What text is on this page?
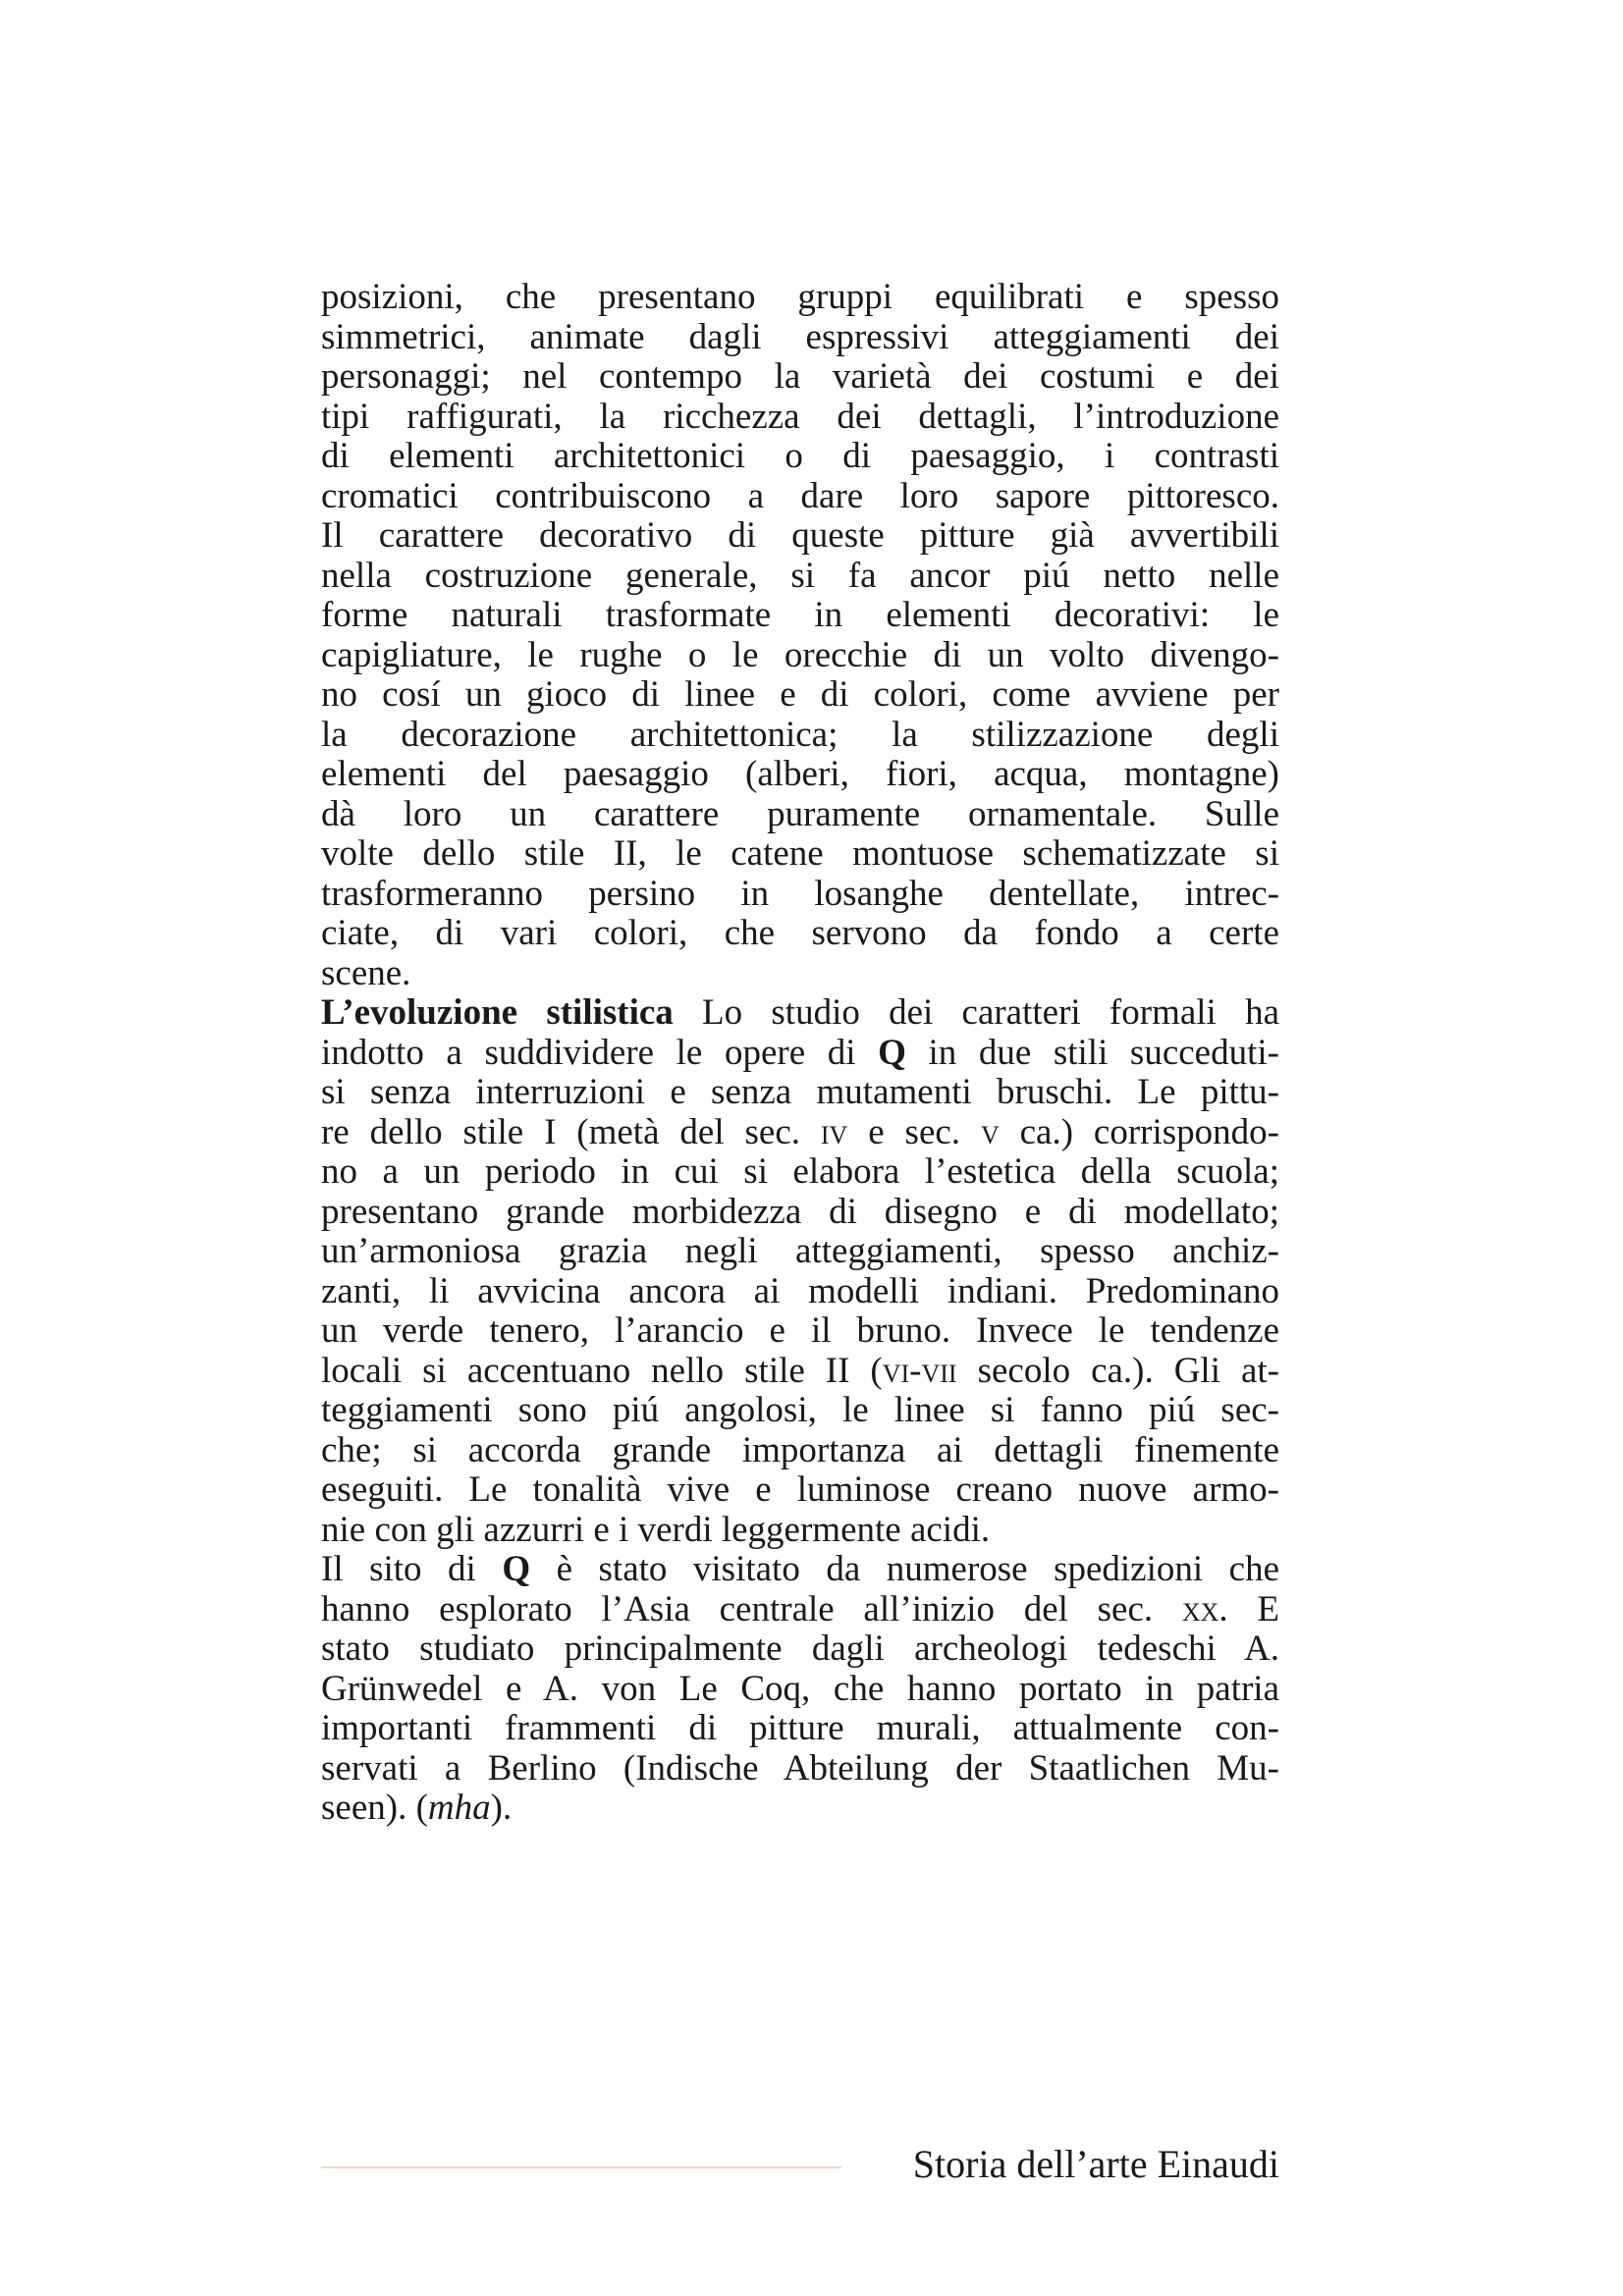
posizioni, che presentano gruppi equilibrati e spesso
simmetrici, animate dagli espressivi atteggiamenti dei
personaggi; nel contempo la varietà dei costumi e dei
tipi raffigurati, la ricchezza dei dettagli, l’introduzione
di elementi architettonici o di paesaggio, i contrasti
cromatici contribuiscono a dare loro sapore pittoresco.
Il carattere decorativo di queste pitture già avvertibili
nella costruzione generale, si fa ancor piú netto nelle
forme naturali trasformate in elementi decorativi: le
capigliature, le rughe o le orecchie di un volto divengo-
no cosí un gioco di linee e di colori, come avviene per
la decorazione architettonica; la stilizzazione degli
elementi del paesaggio (alberi, fiori, acqua, montagne)
dà loro un carattere puramente ornamentale. Sulle
volte dello stile II, le catene montuose schematizzate si
trasformeranno persino in losanghe dentellate, intrec-
ciate, di vari colori, che servono da fondo a certe
scene.
L’evoluzione stilistica Lo studio dei caratteri formali ha
indotto a suddividere le opere di Q in due stili succeduti-
si senza interruzioni e senza mutamenti bruschi. Le pittu-
re dello stile I (metà del sec. iv e sec. v ca.) corrispondo-
no a un periodo in cui si elabora l’estetica della scuola;
presentano grande morbidezza di disegno e di modellato;
un’armoniosa grazia negli atteggiamenti, spesso anchiz-
zanti, li avvicina ancora ai modelli indiani. Predominano
un verde tenero, l’arancio e il bruno. Invece le tendenze
locali si accentuano nello stile II (vi-vii secolo ca.). Gli at-
teggiamenti sono piú angolosi, le linee si fanno piú sec-
che; si accorda grande importanza ai dettagli finemente
eseguiti. Le tonalità vive e luminose creano nuove armo-
nie con gli azzurri e i verdi leggermente acidi.
Il sito di Q è stato visitato da numerose spedizioni che
hanno esplorato l’Asia centrale all’inizio del sec. xx. E
stato studiato principalmente dagli archeologi tedeschi A.
Grünwedel e A. von Le Coq, che hanno portato in patria
importanti frammenti di pitture murali, attualmente con-
servati a Berlino (Indische Abteilung der Staatlichen Mu-
seen). (mha).
Storia dell’arte Einaudi
